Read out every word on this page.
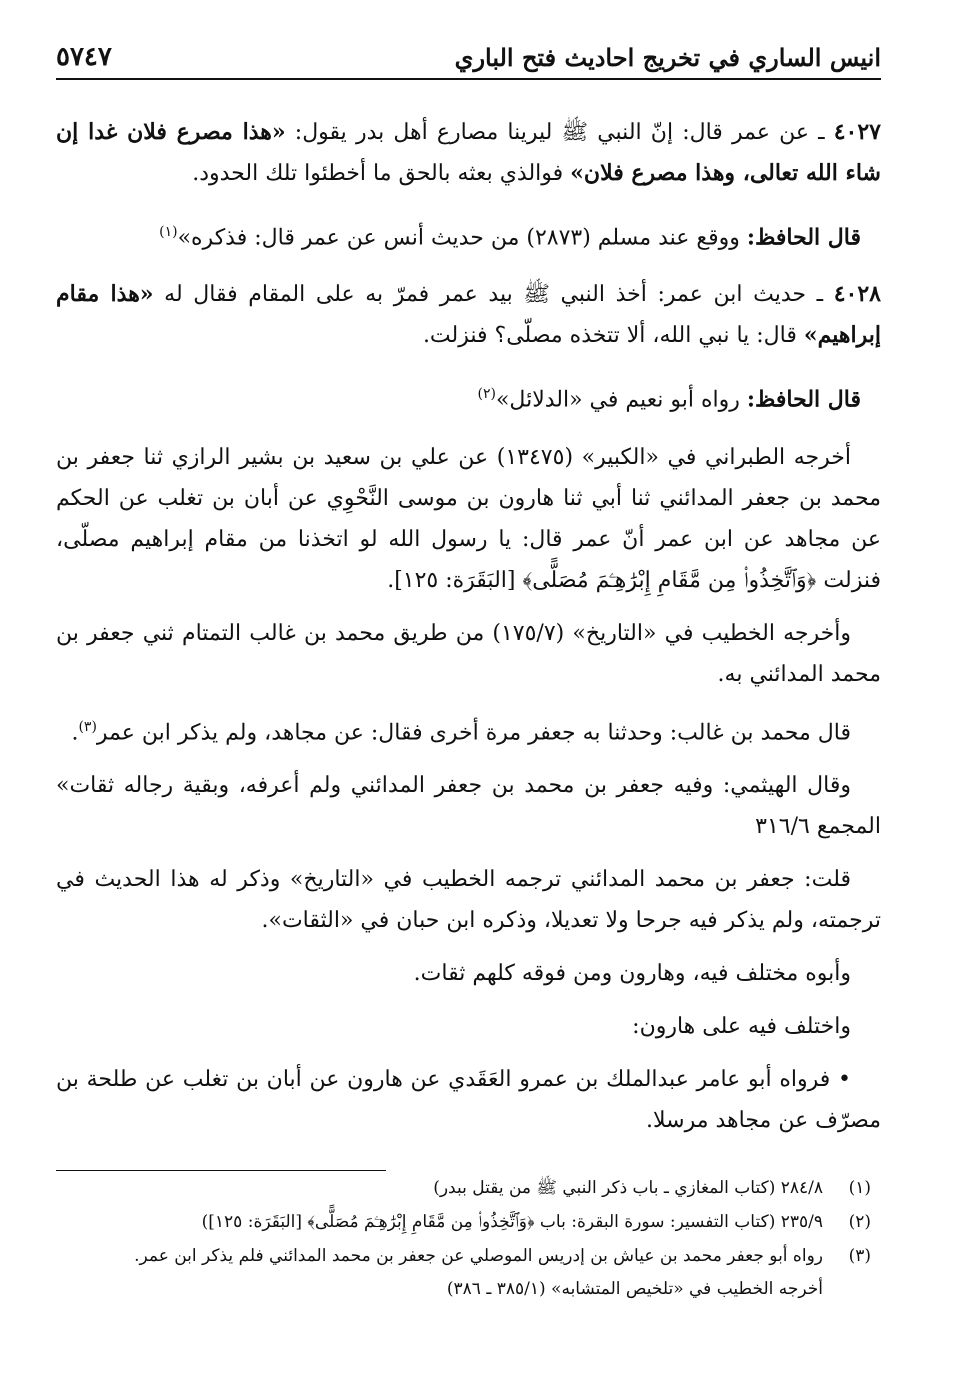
انيس الساري في تخريج احاديث فتح الباري
٥٧٤٧

٤٠٢٧ ـ عن عمر قال: إنّ النبي ﷺ ليرينا مصارع أهل بدر يقول: «هذا مصرع فلان غدا إن شاء الله تعالى، وهذا مصرع فلان» فوالذي بعثه بالحق ما أخطئوا تلك الحدود.

قال الحافظ: ووقع عند مسلم (٢٨٧٣) من حديث أنس عن عمر قال: فذكره»$^{(١)}$

٤٠٢٨ ـ حديث ابن عمر: أخذ النبي ﷺ بيد عمر فمرّ به على المقام فقال له «هذا مقام إبراهيم» قال: يا نبي الله، ألا تتخذه مصلّى؟ فنزلت.

قال الحافظ: رواه أبو نعيم في «الدلائل»$^{(٢)}$

أخرجه الطبراني في «الكبير» (١٣٤٧٥) عن علي بن سعيد بن بشير الرازي ثنا جعفر بن محمد بن جعفر المدائني ثنا أبي ثنا هارون بن موسى النَّحْوِي عن أبان بن تغلب عن الحكم عن مجاهد عن ابن عمر أنّ عمر قال: يا رسول الله لو اتخذنا من مقام إبراهيم مصلّى، فنزلت ﴿وَٱتَّخِذُوا۟ مِن مَّقَامِ إِبْرَٰهِـۧمَ مُصَلًّى﴾ [البَقَرَة: ١٢٥].

وأخرجه الخطيب في «التاريخ» (١٧٥/٧) من طريق محمد بن غالب التمتام ثني جعفر بن محمد المدائني به.

قال محمد بن غالب: وحدثنا به جعفر مرة أخرى فقال: عن مجاهد، ولم يذكر ابن عمر$^{(٣)}$.

وقال الهيثمي: وفيه جعفر بن محمد بن جعفر المدائني ولم أعرفه، وبقية رجاله ثقات» المجمع ٣١٦/٦

قلت: جعفر بن محمد المدائني ترجمه الخطيب في «التاريخ» وذكر له هذا الحديث في ترجمته، ولم يذكر فيه جرحا ولا تعديلا، وذكره ابن حبان في «الثقات».

وأبوه مختلف فيه، وهارون ومن فوقه كلهم ثقات.

واختلف فيه على هارون:

• فرواه أبو عامر عبدالملك بن عمرو العَقَدي عن هارون عن أبان بن تغلب عن طلحة بن مصرّف عن مجاهد مرسلا.

(١)
٢٨٤/٨ (كتاب المغازي ـ باب ذكر النبي ﷺ من يقتل ببدر)
(٢)
٢٣٥/٩ (كتاب التفسير: سورة البقرة: باب ﴿وَٱتَّخِذُوا۟ مِن مَّقَامِ إِبْرَٰهِـۧمَ مُصَلًّى﴾ [البَقَرَة: ١٢٥])
(٣)
رواه أبو جعفر محمد بن عياش بن إدريس الموصلي عن جعفر بن محمد المدائني فلم يذكر ابن عمر.
أخرجه الخطيب في «تلخيص المتشابه» (٣٨٥/١ ـ ٣٨٦)
